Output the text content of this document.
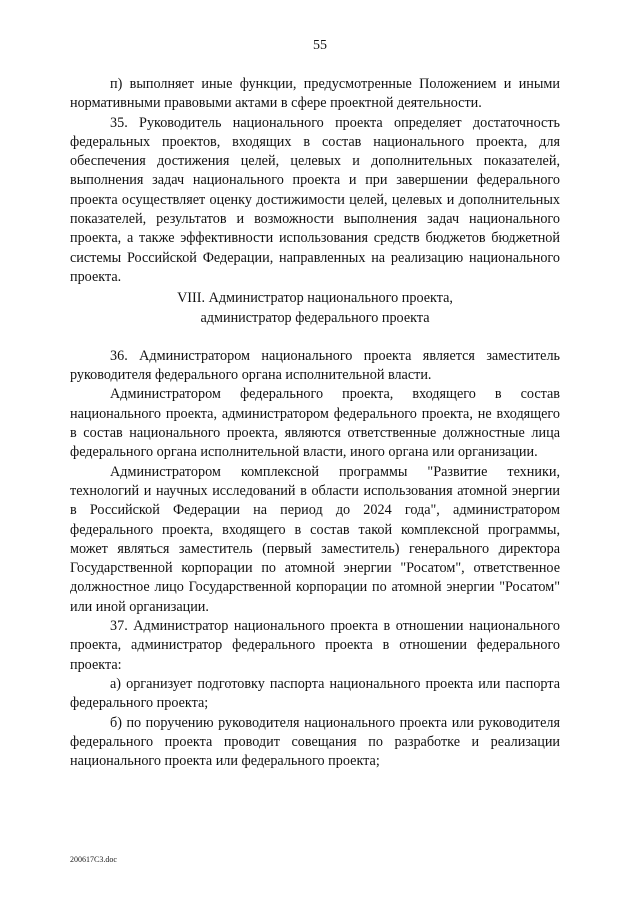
55

п) выполняет иные функции, предусмотренные Положением и иными нормативными правовыми актами в сфере проектной деятельности.

35. Руководитель национального проекта определяет достаточность федеральных проектов, входящих в состав национального проекта, для обеспечения достижения целей, целевых и дополнительных показателей, выполнения задач национального проекта и при завершении федерального проекта осуществляет оценку достижимости целей, целевых и дополнительных показателей, результатов и возможности выполнения задач национального проекта, а также эффективности использования средств бюджетов бюджетной системы Российской Федерации, направленных на реализацию национального проекта.

VIII. Администратор национального проекта,
администратор федерального проекта

36. Администратором национального проекта является заместитель руководителя федерального органа исполнительной власти.

Администратором федерального проекта, входящего в состав национального проекта, администратором федерального проекта, не входящего в состав национального проекта, являются ответственные должностные лица федерального органа исполнительной власти, иного органа или организации.

Администратором комплексной программы "Развитие техники, технологий и научных исследований в области использования атомной энергии в Российской Федерации на период до 2024 года", администратором федерального проекта, входящего в состав такой комплексной программы, может являться заместитель (первый заместитель) генерального директора Государственной корпорации по атомной энергии "Росатом", ответственное должностное лицо Государственной корпорации по атомной энергии "Росатом" или иной организации.

37. Администратор национального проекта в отношении национального проекта, администратор федерального проекта в отношении федерального проекта:

а) организует подготовку паспорта национального проекта или паспорта федерального проекта;

б) по поручению руководителя национального проекта или руководителя федерального проекта проводит совещания по разработке и реализации национального проекта или федерального проекта;

200617C3.doc
